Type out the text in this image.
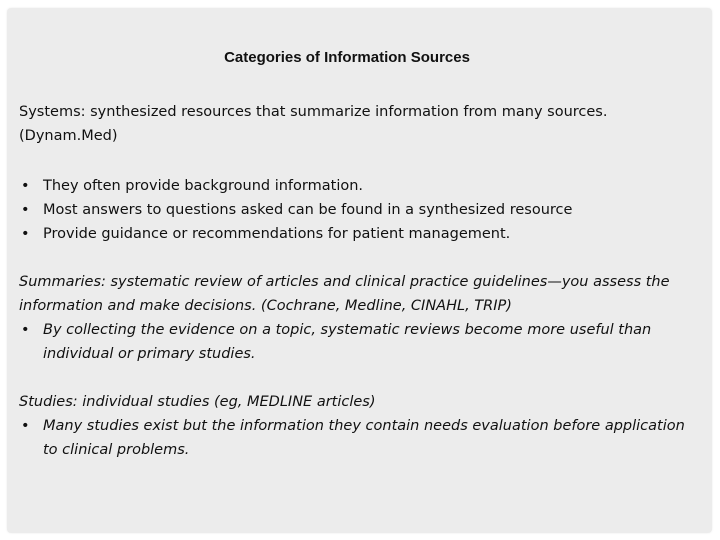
Categories of Information Sources

Systems: synthesized resources that summarize information from many sources. (Dynam.Med)

• They often provide background information.
• Most answers to questions asked can be found in a synthesized resource
• Provide guidance or recommendations for patient management.

Summaries: systematic review of articles and clinical practice guidelines—you assess the information and make decisions. (Cochrane, Medline, CINAHL, TRIP)

• By collecting the evidence on a topic, systematic reviews become more useful than individual or primary studies.

Studies: individual studies (eg, MEDLINE articles)

• Many studies exist but the information they contain needs evaluation before application to clinical problems.
